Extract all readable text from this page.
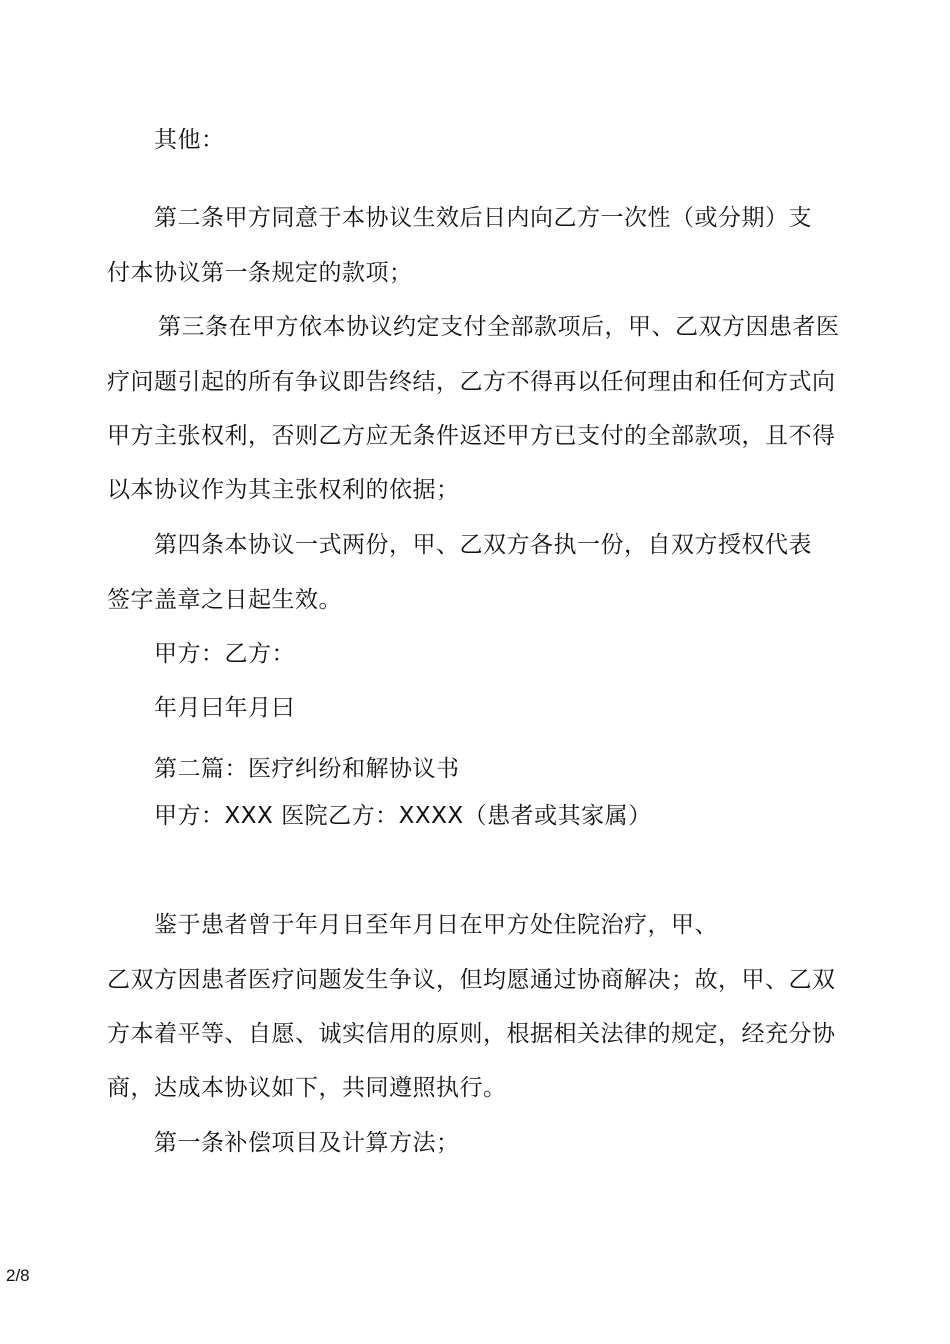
其他：
第二条甲方同意于本协议生效后日内向乙方一次性（或分期）支
付本协议第一条规定的款项；
第三条在甲方依本协议约定支付全部款项后，甲、乙双方因患者医
疗问题引起的所有争议即告终结，乙方不得再以任何理由和任何方式向
甲方主张权利，否则乙方应无条件返还甲方已支付的全部款项，且不得
以本协议作为其主张权利的依据；
第四条本协议一式两份，甲、乙双方各执一份，自双方授权代表
签字盖章之日起生效。
甲方：乙方：
年月曰年月曰
第二篇：医疗纠纷和解协议书
甲方：XXX 医院乙方：XXXX（患者或其家属）
鉴于患者曾于年月日至年月日在甲方处住院治疗，甲、
乙双方因患者医疗问题发生争议，但均愿通过协商解决；故，甲、乙双
方本着平等、自愿、诚实信用的原则，根据相关法律的规定，经充分协
商，达成本协议如下，共同遵照执行。
第一条补偿项目及计算方法；
2/8
